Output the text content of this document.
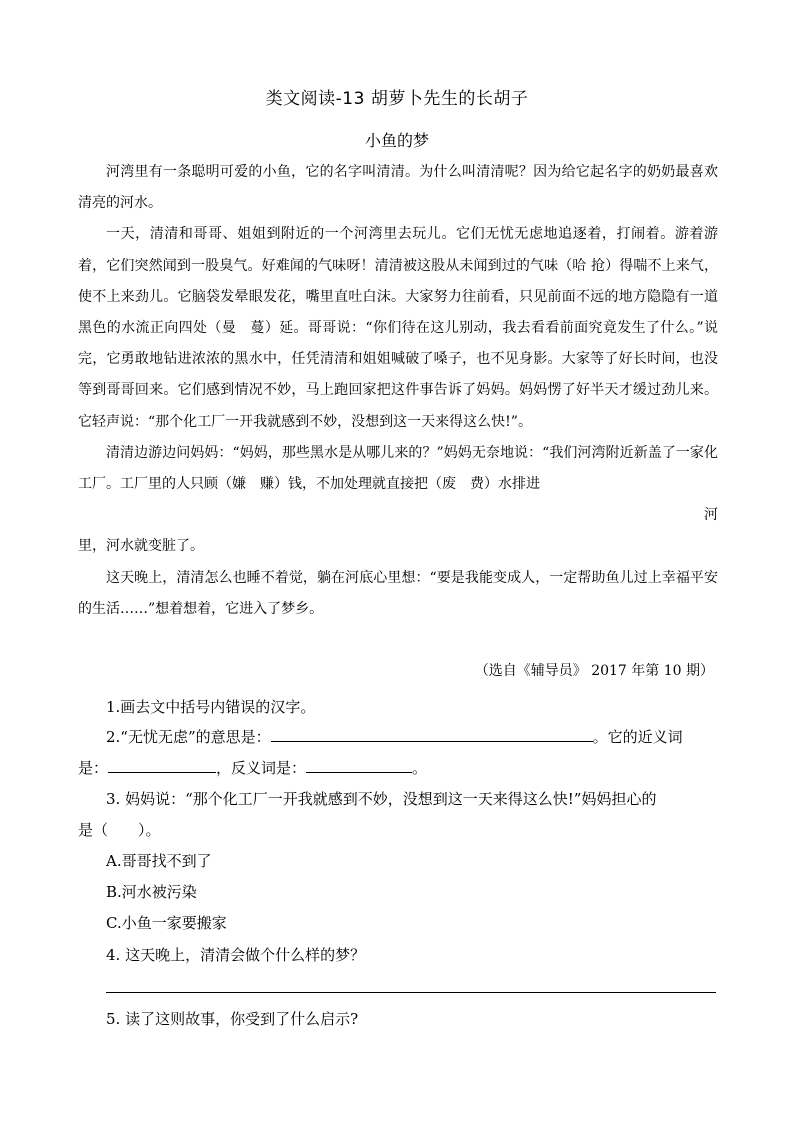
类文阅读-13 胡萝卜先生的长胡子
小鱼的梦

河湾里有一条聪明可爱的小鱼，它的名字叫清清。为什么叫清清呢？因为给它起名字的奶奶最喜欢清亮的河水。

一天，清清和哥哥、姐姐到附近的一个河湾里去玩儿。它们无忧无虑地追逐着，打闹着。游着游着，它们突然闻到一股臭气。好难闻的气味呀！清清被这股从未闻到过的气味（哈 抢）得喘不上来气，使不上来劲儿。它脑袋发晕眼发花，嘴里直吐白沫。大家努力往前看，只见前面不远的地方隐隐有一道黑色的水流正向四处（曼　蔓）延。哥哥说：“你们待在这儿别动，我去看看前面究竟发生了什么。”说完，它勇敢地钻进浓浓的黑水中，任凭清清和姐姐喊破了嗓子，也不见身影。大家等了好长时间，也没等到哥哥回来。它们感到情况不妙，马上跑回家把这件事告诉了妈妈。妈妈愣了好半天才缓过劲儿来。它轻声说：“那个化工厂一开我就感到不妙，没想到这一天来得这么快!”。

清清边游边问妈妈：“妈妈，那些黑水是从哪儿来的？”妈妈无奈地说：“我们河湾附近新盖了一家化工厂。工厂里的人只顾（嫌　赚）钱，不加处理就直接把（废　费）水排进

河

里，河水就变脏了。

这天晚上，清清怎么也睡不着觉，躺在河底心里想：“要是我能变成人，一定帮助鱼儿过上幸福平安的生活……”想着想着，它进入了梦乡。

（选自《辅导员》 2017 年第 10 期）
1.画去文中括号内错误的汉字。
2.“无忧无虑”的意思是：	。它的近义词
是：	，反义词是：	。
3. 妈妈说：“那个化工厂一开我就感到不妙，没想到这一天来得这么快!”妈妈担心的
是（　　）。
A.哥哥找不到了
B.河水被污染
C.小鱼一家要搬家
4. 这天晚上，清清会做个什么样的梦？
5. 读了这则故事，你受到了什么启示?
